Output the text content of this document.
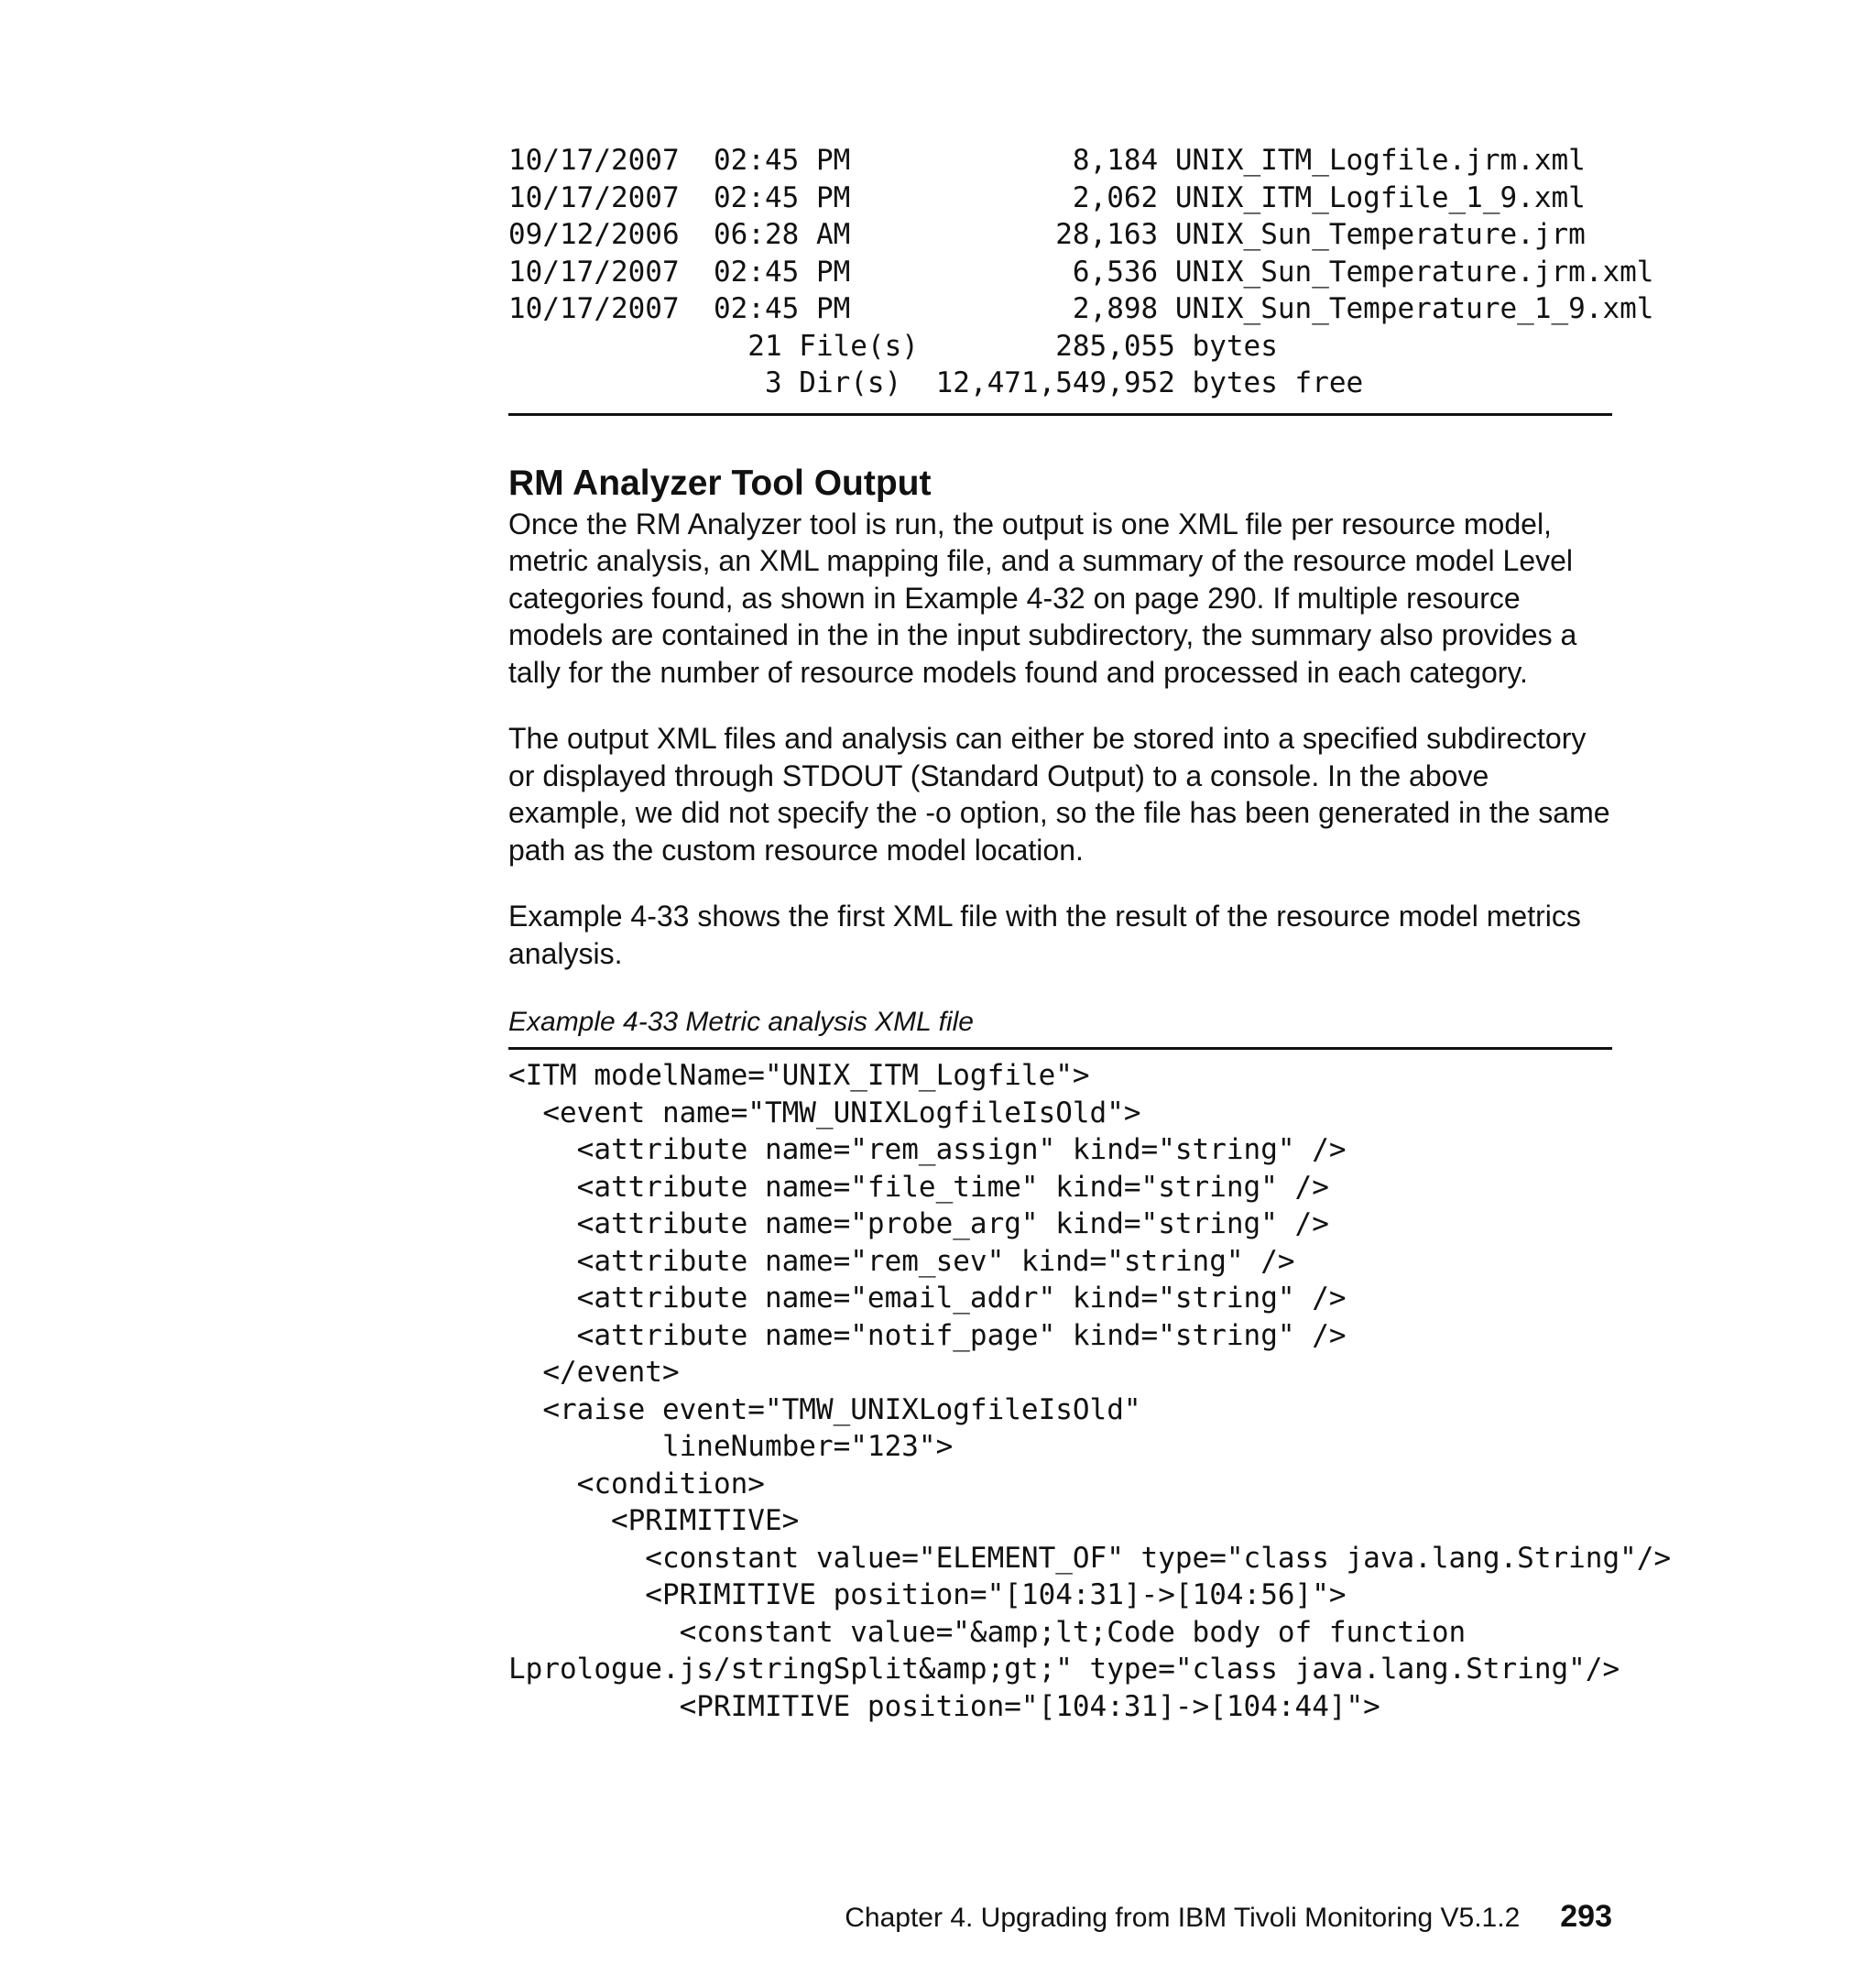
10/17/2007  02:45 PM             8,184 UNIX_ITM_Logfile.jrm.xml
10/17/2007  02:45 PM             2,062 UNIX_ITM_Logfile_1_9.xml
09/12/2006  06:28 AM            28,163 UNIX_Sun_Temperature.jrm
10/17/2007  02:45 PM             6,536 UNIX_Sun_Temperature.jrm.xml
10/17/2007  02:45 PM             2,898 UNIX_Sun_Temperature_1_9.xml
21 File(s)        285,055 bytes
3 Dir(s)  12,471,549,952 bytes free
RM Analyzer Tool Output

Once the RM Analyzer tool is run, the output is one XML file per resource model, metric analysis, an XML mapping file, and a summary of the resource model Level categories found, as shown in Example 4-32 on page 290. If multiple resource models are contained in the in the input subdirectory, the summary also provides a tally for the number of resource models found and processed in each category.

The output XML files and analysis can either be stored into a specified subdirectory or displayed through STDOUT (Standard Output) to a console. In the above example, we did not specify the -o option, so the file has been generated in the same path as the custom resource model location.

Example 4-33 shows the first XML file with the result of the resource model metrics analysis.

Example 4-33 Metric analysis XML file

<ITM modelName="UNIX_ITM_Logfile">
<event name="TMW_UNIXLogfileIsOld">
<attribute name="rem_assign" kind="string" />
<attribute name="file_time" kind="string" />
<attribute name="probe_arg" kind="string" />
<attribute name="rem_sev" kind="string" />
<attribute name="email_addr" kind="string" />
<attribute name="notif_page" kind="string" />
</event>
<raise event="TMW_UNIXLogfileIsOld"
lineNumber="123">
<condition>
<PRIMITIVE>
<constant value="ELEMENT_OF" type="class java.lang.String"/>
<PRIMITIVE position="[104:31]->[104:56]">
<constant value="&amp;lt;Code body of function
Lprologue.js/stringSplit&amp;gt;" type="class java.lang.String"/>
<PRIMITIVE position="[104:31]->[104:44]">
Chapter 4. Upgrading from IBM Tivoli Monitoring V5.1.2 293
